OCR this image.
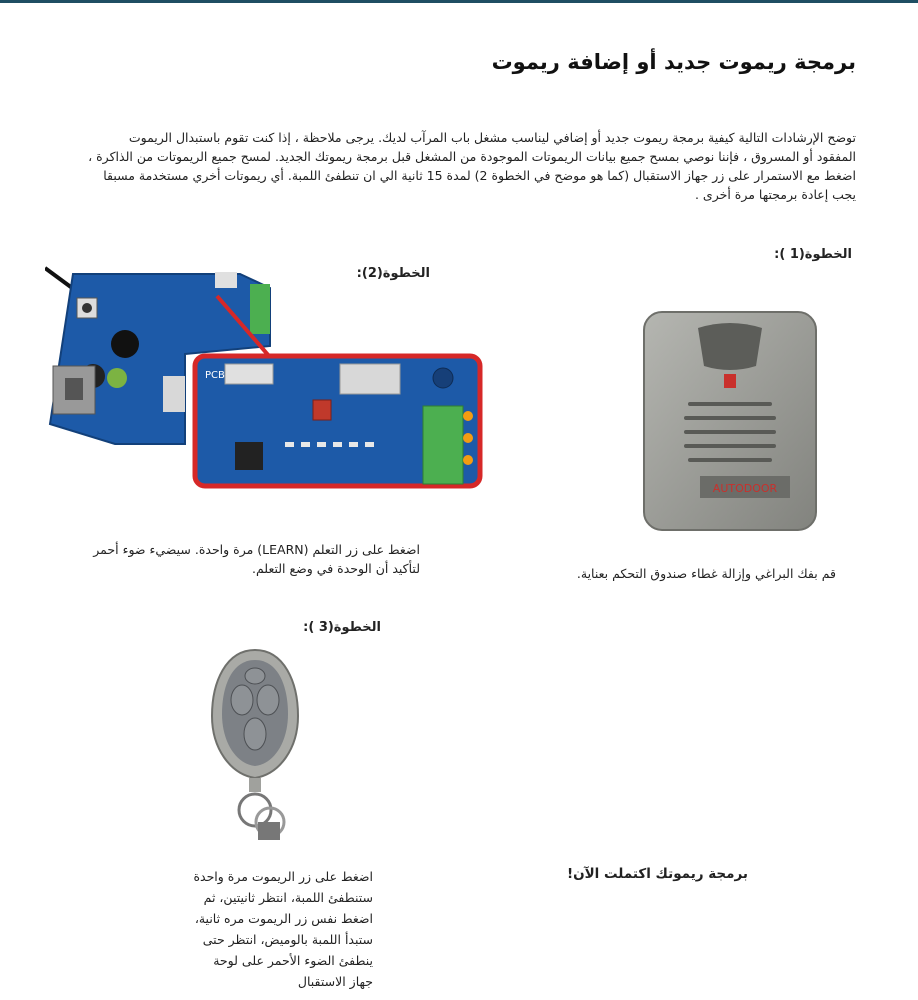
برمجة ريموت جديد أو إضافة ريموت
توضح الإرشادات التالية كيفية برمجة ريموت جديد أو إضافي ليناسب مشغل باب المرآب لديك. يرجى ملاحظة ، إذا كنت تقوم باستبدال الريموت
المفقود أو المسروق ، فإننا نوصي بمسح جميع بيانات الريموتات الموجودة من المشغل قبل برمجة ريموتك الجديد. لمسح جميع الريموتات من الذاكرة ،
اضغط مع الاستمرار على زر جهاز الاستقبال (كما هو موضح في الخطوة 2) لمدة 15 ثانية الي ان تنطفئ اللمبة. أي ريموتات أخري مستخدمة مسبقا
يجب إعادة برمجتها مرة أخرى .
الخطوة(1 ):
AUTODOOR
قم بفك البراغي وإزالة غطاء صندوق التحكم بعناية.
الخطوة(2):
PCB
اضغط على زر التعلم (LEARN) مرة واحدة. سيضيء ضوء أحمر
لتأكيد أن الوحدة في وضع التعلم.
الخطوة(3 ):
اضغط على زر الريموت مرة واحدة
ستنطفئ اللمبة، انتظر ثانيتين، ثم
اضغط نفس زر الريموت مره ثانية،
ستبدأ اللمبة بالوميض، انتظر حتى
ينطفئ الضوء الأحمر على لوحة
جهاز الاستقبال
برمجة ريموتك اكتملت الآن!
